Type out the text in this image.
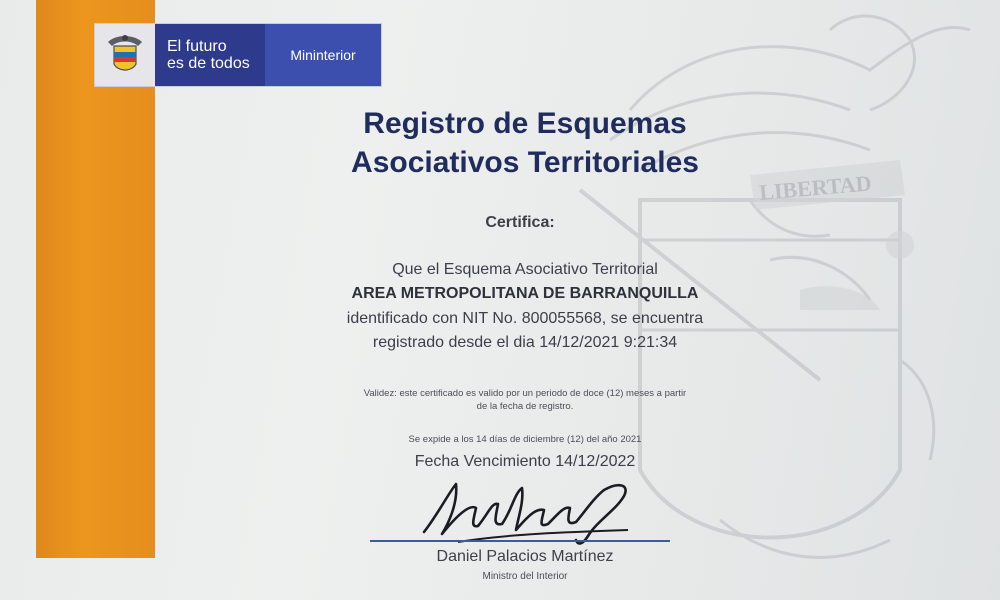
LIBERTAD
El futuro
es de todos	Mininterior
Registro de Esquemas
Asociativos Territoriales
Certifica:
Que el Esquema Asociativo Territorial
AREA METROPOLITANA DE BARRANQUILLA
identificado con NIT No. 800055568, se encuentra
registrado desde el dia 14/12/2021 9:21:34
Validez: este certificado es valido por un periodo de doce (12) meses a partir
de la fecha de registro.
Se expide a los 14 días de diciembre (12) del año 2021
Fecha Vencimiento 14/12/2022
Daniel Palacios Martínez
Ministro del Interior
